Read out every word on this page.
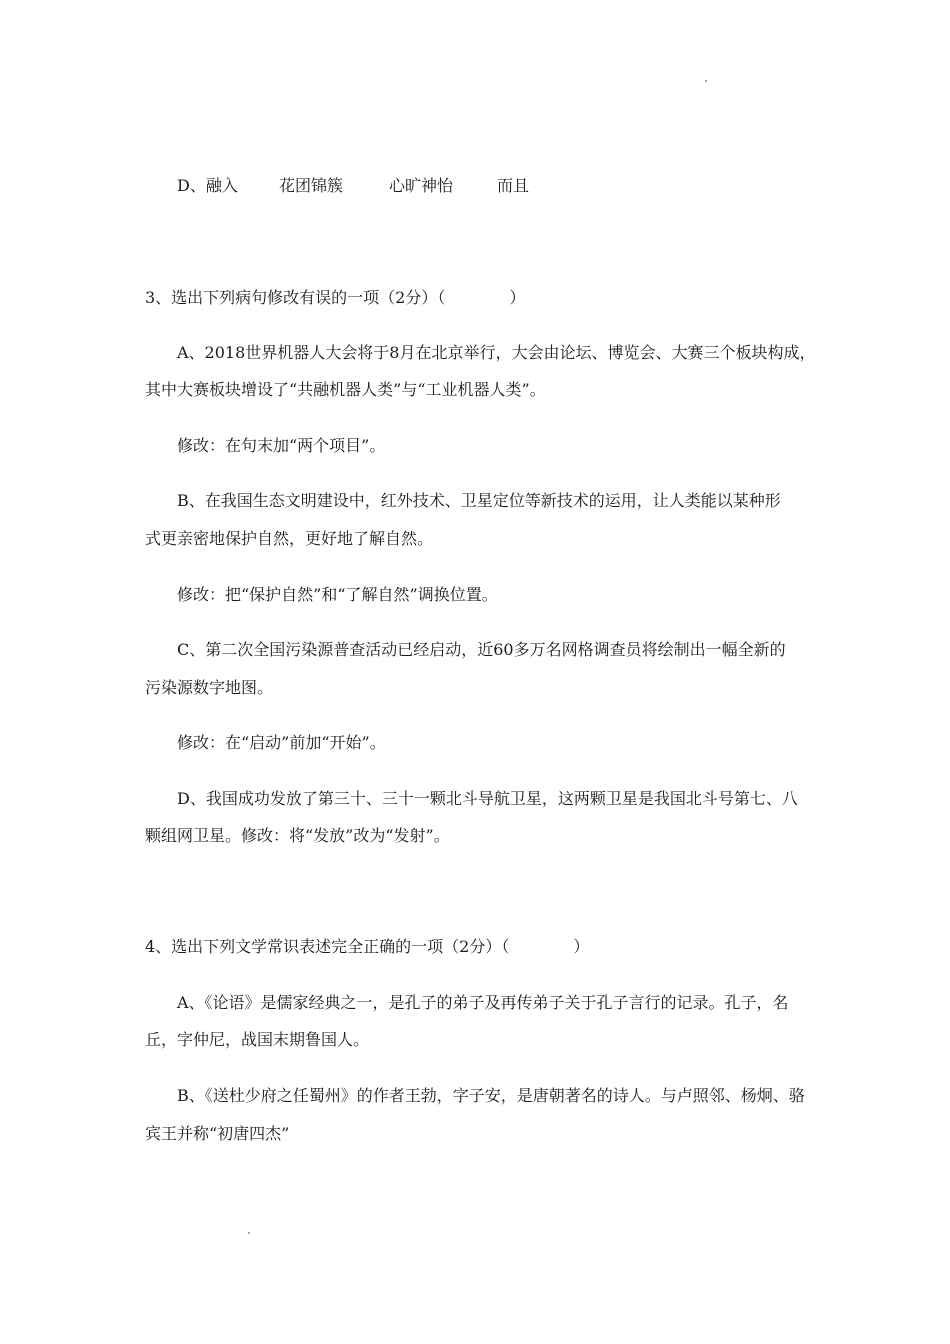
D、融入	花团锦簇	心旷神怡	而且
3、选出下列病句修改有误的一项（2分）（　　　　）
A、2018世界机器人大会将于8月在北京举行，大会由论坛、博览会、大赛三个板块构成，
其中大赛板块增设了“共融机器人类”与“工业机器人类”。
修改：在句末加“两个项目”。
B、在我国生态文明建设中，红外技术、卫星定位等新技术的运用，让人类能以某种形
式更亲密地保护自然，更好地了解自然。
修改：把“保护自然”和“了解自然”调换位置。
C、第二次全国污染源普查活动已经启动，近60多万名网格调查员将绘制出一幅全新的
污染源数字地图。
修改：在“启动”前加“开始”。
D、我国成功发放了第三十、三十一颗北斗导航卫星，这两颗卫星是我国北斗号第七、八
颗组网卫星。修改：将“发放”改为“发射”。
4、选出下列文学常识表述完全正确的一项（2分）（　　　　）
A、《论语》是儒家经典之一，是孔子的弟子及再传弟子关于孔子言行的记录。孔子，名
丘，字仲尼，战国末期鲁国人。
B、《送杜少府之任蜀州》的作者王勃，字子安，是唐朝著名的诗人。与卢照邻、杨炯、骆
宾王并称“初唐四杰”
